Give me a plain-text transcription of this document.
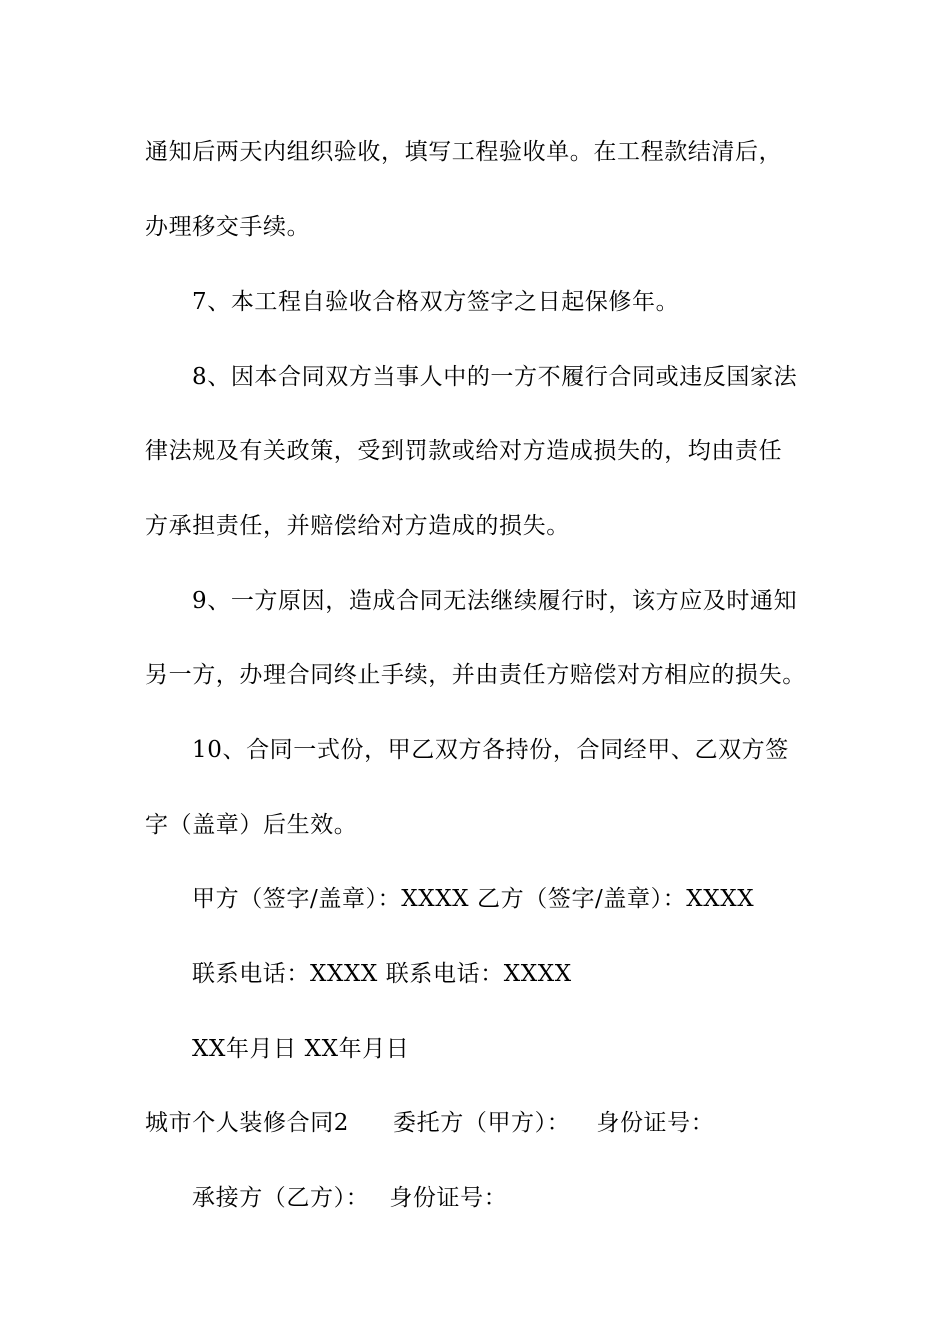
通知后两天内组织验收，填写工程验收单。在工程款结清后，
办理移交手续。
7、本工程自验收合格双方签字之日起保修年。
8、因本合同双方当事人中的一方不履行合同或违反国家法
律法规及有关政策，受到罚款或给对方造成损失的，均由责任
方承担责任，并赔偿给对方造成的损失。
9、一方原因，造成合同无法继续履行时，该方应及时通知
另一方，办理合同终止手续，并由责任方赔偿对方相应的损失。
10、合同一式份，甲乙双方各持份，合同经甲、乙双方签
字（盖章）后生效。
甲方（签字/盖章）：XXXX 乙方（签字/盖章）：XXXX
联系电话：XXXX 联系电话：XXXX
XX年月日 XX年月日
城市个人装修合同2 委托方（甲方）： 身份证号：
承接方（乙方）： 身份证号：
